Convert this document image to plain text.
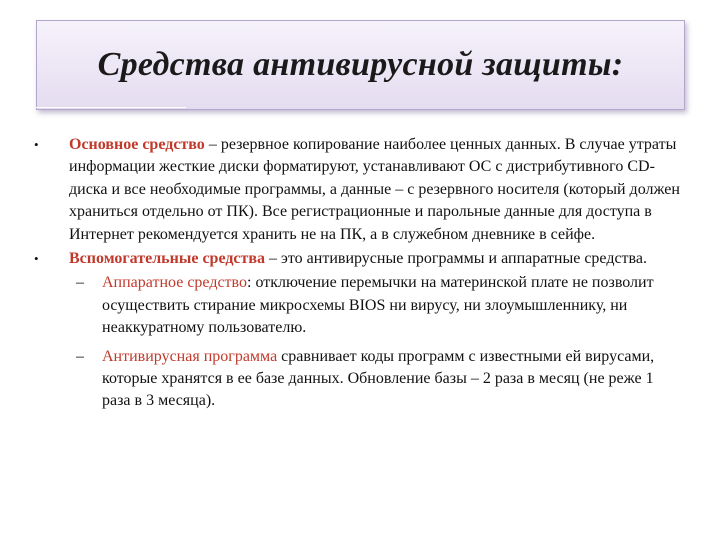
Средства антивирусной защиты:
•	Основное средство – резервное копирование наиболее ценных данных. В случае утраты информации жесткие диски форматируют, устанавливают ОС с дистрибутивного CD-диска и все необходимые программы, а данные – с резервного носителя (который должен храниться отдельно от ПК). Все регистрационные и парольные данные для доступа в Интернет рекомендуется хранить не на ПК, а в служебном дневнике в сейфе.
•	Вспомогательные средства – это антивирусные программы и аппаратные средства.
– Аппаратное средство: отключение перемычки на материнской плате не позволит осуществить стирание микросхемы BIOS ни вирусу, ни злоумышленнику, ни неаккуратному пользователю.
– Антивирусная программа сравнивает коды программ с известными ей вирусами, которые хранятся в ее базе данных. Обновление базы – 2 раза в месяц (не реже 1 раза в 3 месяца).
